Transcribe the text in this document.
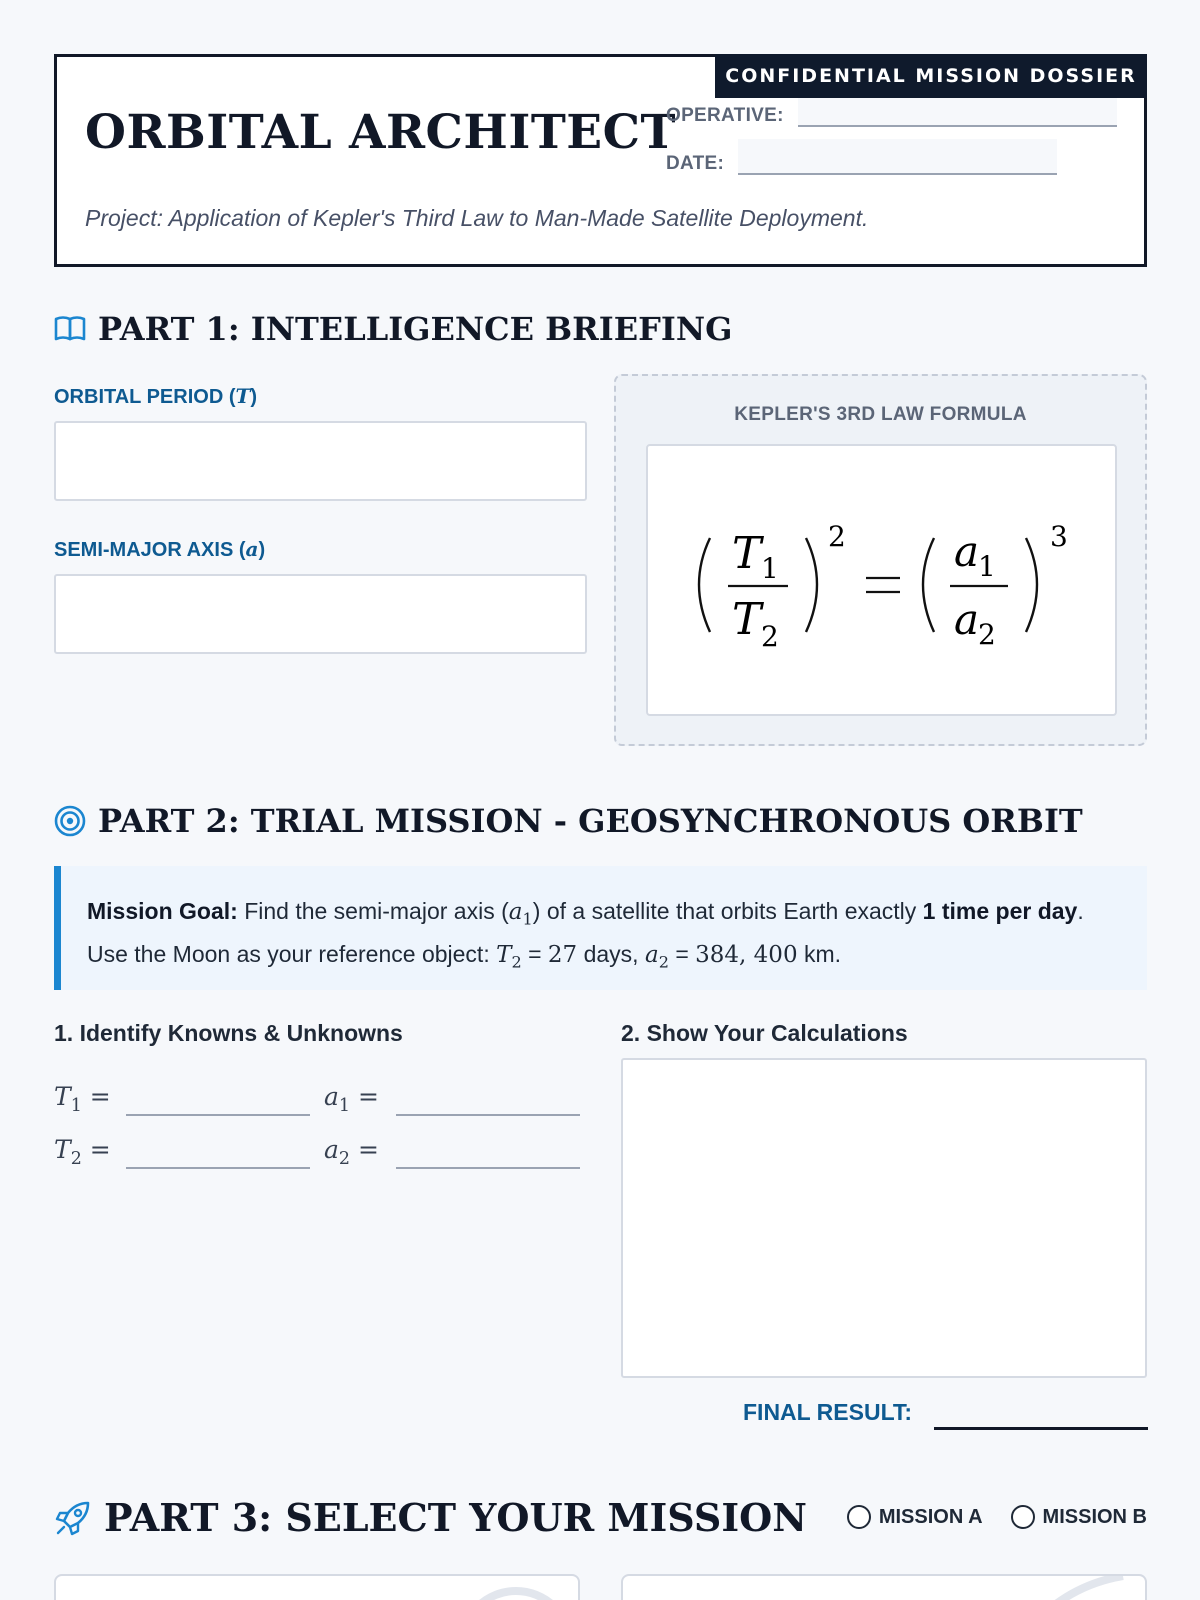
CONFIDENTIAL MISSION DOSSIER
ORBITAL ARCHITECT
OPERATIVE:
DATE:
Project: Application of Kepler's Third Law to Man-Made Satellite Deployment.
PART 1: INTELLIGENCE BRIEFING
ORBITAL PERIOD (T)
SEMI-MAJOR AXIS (a)
KEPLER'S 3RD LAW FORMULA
T 1
T 2
2	a
1
a
2
3
PART 2: TRIAL MISSION - GEOSYNCHRONOUS ORBIT
Mission Goal: Find the semi-major axis $(a_1)$ of a satellite that orbits Earth exactly 1 time per day. Use the Moon as your reference object: $T_2 = 27$ days, $a_2 = 384$, 400 km.
1. Identify Knowns & Unknowns	2. Show Your Calculations
$T_1$ =	$a_1$ =
$T_2$ =	$a_2$ =
FINAL RESULT:
PART 3: SELECT YOUR MISSION	MISSION A	MISSION B
